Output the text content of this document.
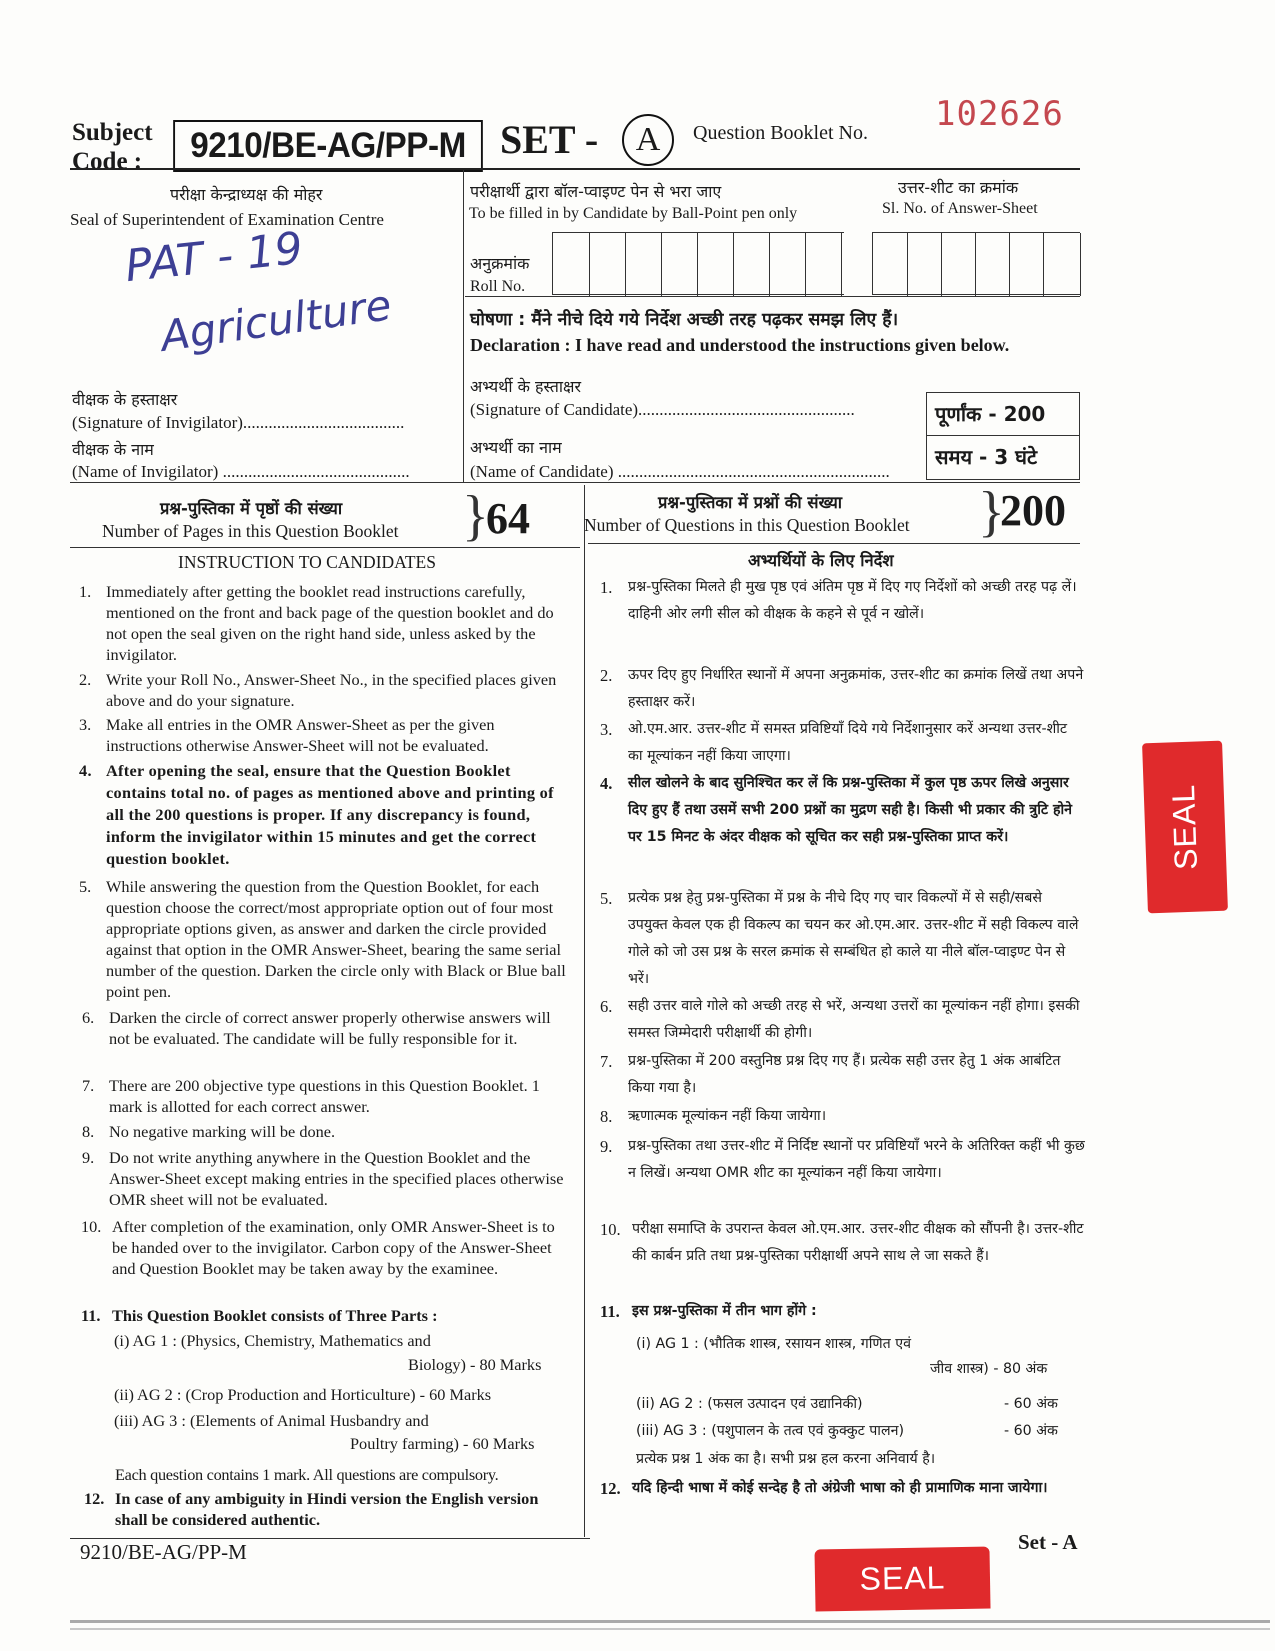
Subject
Code :	9210/BE-AG/PP-M SET -	A	Question Booklet No. 102626
परीक्षा केन्द्राध्यक्ष की मोहर
Seal of Superintendent of Examination Centre
परीक्षार्थी द्वारा बॉल-प्वाइण्ट पेन से भरा जाए
To be filled in by Candidate by Ball-Point pen only
उत्तर-शीट का क्रमांक
Sl. No. of Answer-Sheet
अनुक्रमांक
Roll No.
PAT - 19
Agriculture	घोषणा : मैंने नीचे दिये गये निर्देश अच्छी तरह पढ़कर समझ लिए हैं।
Declaration : I have read and understood the instructions given below.
वीक्षक के हस्ताक्षर
(Signature of Invigilator)......................................
वीक्षक के नाम
(Name of Invigilator) ............................................
अभ्यर्थी के हस्ताक्षर
(Signature of Candidate)...................................................
अभ्यर्थी का नाम
(Name of Candidate) ................................................................
पूर्णांक - 200
समय - 3 घंटे
प्रश्न-पुस्तिका में पृष्ठों की संख्या
Number of Pages in this Question Booklet }
64	प्रश्न-पुस्तिका में प्रश्नों की संख्या
Number of Questions in this Question Booklet }
200
INSTRUCTION TO CANDIDATES
1. Immediately after getting the booklet read instructions carefully, mentioned on the front and back page of the question booklet and do not open the seal given on the right hand side, unless asked by the invigilator.
2. Write your Roll No., Answer-Sheet No., in the specified places given above and do your signature.
3. Make all entries in the OMR Answer-Sheet as per the given instructions otherwise Answer-Sheet will not be evaluated.
4. After opening the seal, ensure that the Question Booklet contains total no. of pages as mentioned above and printing of all the 200 questions is proper. If any discrepancy is found, inform the invigilator within 15 minutes and get the correct question booklet.
5. While answering the question from the Question Booklet, for each question choose the correct/most appropriate option out of four most appropriate options given, as answer and darken the circle provided against that option in the OMR Answer-Sheet, bearing the same serial number of the question. Darken the circle only with Black or Blue ball point pen.
6. Darken the circle of correct answer properly otherwise answers will not be evaluated. The candidate will be fully responsible for it.
7. There are 200 objective type questions in this Question Booklet. 1 mark is allotted for each correct answer.
8. No negative marking will be done.
9. Do not write anything anywhere in the Question Booklet and the Answer-Sheet except making entries in the specified places otherwise OMR sheet will not be evaluated.
10. After completion of the examination, only OMR Answer-Sheet is to be handed over to the invigilator. Carbon copy of the Answer-Sheet and Question Booklet may be taken away by the examinee.
11. This Question Booklet consists of Three Parts :
(i) AG 1 : (Physics, Chemistry, Mathematics and
Biology) - 80 Marks
(ii) AG 2 : (Crop Production and Horticulture) - 60 Marks
(iii) AG 3 : (Elements of Animal Husbandry and
Poultry farming) - 60 Marks
Each question contains 1 mark. All questions are compulsory.
12. In case of any ambiguity in Hindi version the English version shall be considered authentic.
अभ्यर्थियों के लिए निर्देश
1. प्रश्न-पुस्तिका मिलते ही मुख पृष्ठ एवं अंतिम पृष्ठ में दिए गए निर्देशों को अच्छी तरह पढ़ लें। दाहिनी ओर लगी सील को वीक्षक के कहने से पूर्व न खोलें।
2. ऊपर दिए हुए निर्धारित स्थानों में अपना अनुक्रमांक, उत्तर-शीट का क्रमांक लिखें तथा अपने हस्ताक्षर करें।
3. ओ.एम.आर. उत्तर-शीट में समस्त प्रविष्टियाँ दिये गये निर्देशानुसार करें अन्यथा उत्तर-शीट का मूल्यांकन नहीं किया जाएगा।
4. सील खोलने के बाद सुनिश्चित कर लें कि प्रश्न-पुस्तिका में कुल पृष्ठ ऊपर लिखे अनुसार दिए हुए हैं तथा उसमें सभी 200 प्रश्नों का मुद्रण सही है। किसी भी प्रकार की त्रुटि होने पर 15 मिनट के अंदर वीक्षक को सूचित कर सही प्रश्न-पुस्तिका प्राप्त करें।
5. प्रत्येक प्रश्न हेतु प्रश्न-पुस्तिका में प्रश्न के नीचे दिए गए चार विकल्पों में से सही/सबसे उपयुक्त केवल एक ही विकल्प का चयन कर ओ.एम.आर. उत्तर-शीट में सही विकल्प वाले गोले को जो उस प्रश्न के सरल क्रमांक से सम्बंधित हो काले या नीले बॉल-प्वाइण्ट पेन से भरें।
6. सही उत्तर वाले गोले को अच्छी तरह से भरें, अन्यथा उत्तरों का मूल्यांकन नहीं होगा। इसकी समस्त जिम्मेदारी परीक्षार्थी की होगी।
7. प्रश्न-पुस्तिका में 200 वस्तुनिष्ठ प्रश्न दिए गए हैं। प्रत्येक सही उत्तर हेतु 1 अंक आबंटित किया गया है।
8. ऋणात्मक मूल्यांकन नहीं किया जायेगा।
9. प्रश्न-पुस्तिका तथा उत्तर-शीट में निर्दिष्ट स्थानों पर प्रविष्टियाँ भरने के अतिरिक्त कहीं भी कुछ न लिखें। अन्यथा OMR शीट का मूल्यांकन नहीं किया जायेगा।
10. परीक्षा समाप्ति के उपरान्त केवल ओ.एम.आर. उत्तर-शीट वीक्षक को सौंपनी है। उत्तर-शीट की कार्बन प्रति तथा प्रश्न-पुस्तिका परीक्षार्थी अपने साथ ले जा सकते हैं।
11. इस प्रश्न-पुस्तिका में तीन भाग होंगे :
(i) AG 1 : (भौतिक शास्त्र, रसायन शास्त्र, गणित एवं
जीव शास्त्र) - 80 अंक
(ii) AG 2 : (फसल उत्पादन एवं उद्यानिकी)	- 60 अंक
(iii) AG 3 : (पशुपालन के तत्व एवं कुक्कुट पालन)	- 60 अंक
प्रत्येक प्रश्न 1 अंक का है। सभी प्रश्न हल करना अनिवार्य है।
12. यदि हिन्दी भाषा में कोई सन्देह है तो अंग्रेजी भाषा को ही प्रामाणिक माना जायेगा।
9210/BE-AG/PP-M	Set - A
SEAL
SEAL
